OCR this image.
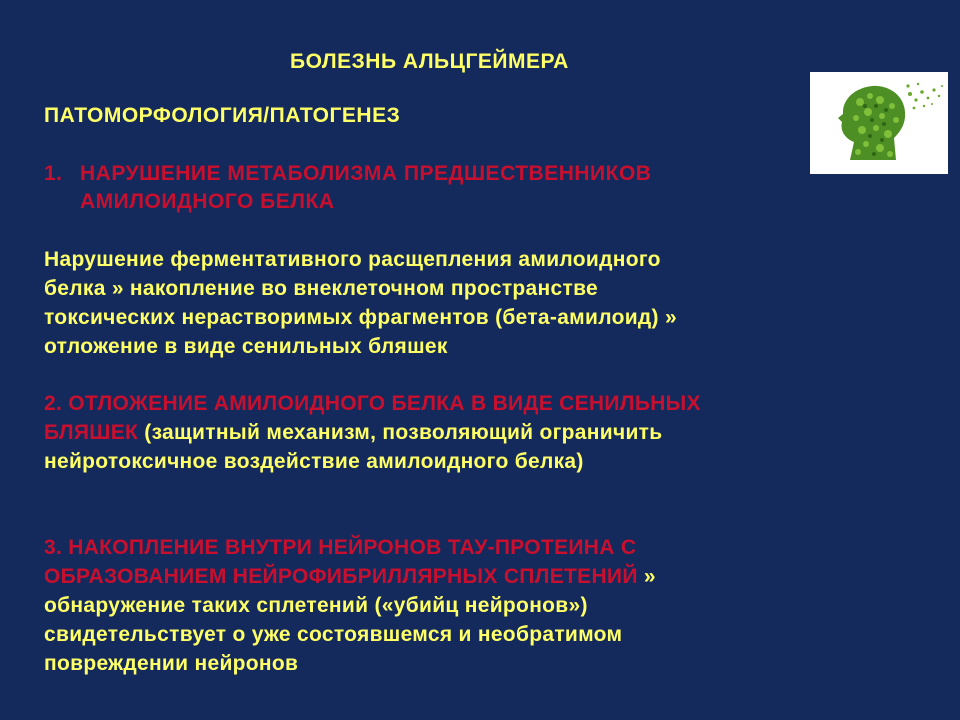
БОЛЕЗНЬ АЛЬЦГЕЙМЕРА
ПАТОМОРФОЛОГИЯ/ПАТОГЕНЕЗ
1. НАРУШЕНИЕ МЕТАБОЛИЗМА ПРЕДШЕСТВЕННИКОВ
АМИЛОИДНОГО БЕЛКА
Нарушение ферментативного расщепления амилоидного
белка » накопление во внеклеточном пространстве
токсических нерастворимых фрагментов (бета-амилоид) »
отложение в виде сенильных бляшек
2. ОТЛОЖЕНИЕ АМИЛОИДНОГО БЕЛКА В ВИДЕ СЕНИЛЬНЫХ
БЛЯШЕК (защитный механизм, позволяющий ограничить
нейротоксичное воздействие амилоидного белка)
3. НАКОПЛЕНИЕ ВНУТРИ НЕЙРОНОВ ТАУ-ПРОТЕИНА С
ОБРАЗОВАНИЕМ НЕЙРОФИБРИЛЛЯРНЫХ СПЛЕТЕНИЙ »
обнаружение таких сплетений («убийц нейронов»)
свидетельствует о уже состоявшемся и необратимом
повреждении нейронов
